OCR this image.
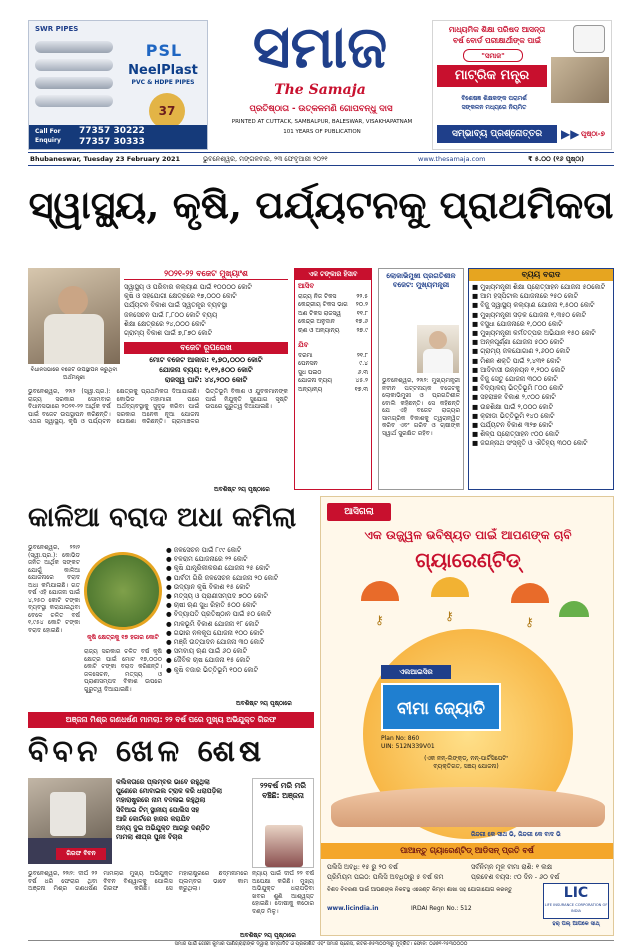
SWR PIPES
PSL
NeelPlast
PVC & HDPE PIPES
37
Call For
Enquiry
77357 30222
77357 30333
ସମାଜ
The Samaja
ପ୍ରତିଷ୍ଠାତା - ଉତ୍କଳମଣି ଗୋପବନ୍ଧୁ ଦାସ
PRINTED AT CUTTACK, SAMBALPUR, BALESWAR, VISAKHAPATNAM
101 YEARS OF PUBLICATION
ମାଧ୍ୟମିକ ଶିକ୍ଷା ପରିଷଦ ଆସନ୍ତା
ବର୍ଷ ବୋର୍ଡ ପରୀକ୍ଷାର୍ଥୀଙ୍କ ପାଇଁ
"ସମାଜ"
ମାଟ୍ରିକ ମନ୍ତ୍ର
ବିଶେଷଜ୍ଞ ଶିକ୍ଷକଙ୍କ ପରାମର୍ଶ
ସଙ୍କଳନ ମଧ୍ୟରେ ନିୟମିତ
ସମ୍ଭାବ୍ୟ ପ୍ରଶ୍ନୋତ୍ତର	▶▶ ପୃଷ୍ଠା-୭
Bhubaneswar, Tuesday 23 February 2021	ଭୁବନେଶ୍ୱର, ମଙ୍ଗଳବାର, ୨୩ ଫେବୃଆରୀ ୨୦୨୧	www.thesamaja.com	₹ ୫.୦୦ (୧୬ ପୃଷ୍ଠା)
ସ୍ୱାସ୍ଥ୍ୟ, କୃଷି, ପର୍ଯ୍ୟଟନକୁ ପ୍ରାଥମିକତା
ବିଧାନସଭାରେ ବଜେଟ ଉପସ୍ଥାପନ କରୁଥିବା ଅର୍ଥମନ୍ତ୍ରୀ
୨୦୨୧-୨୨ ବଜେଟ ମୁଖ୍ୟାଂଶ
ସ୍ୱାସ୍ଥ୍ୟ ଓ ପରିବାର କଲ୍ୟାଣ ପାଇଁ ୧୦୦୦୦ କୋଟି
କୃଷି ଓ ସହଯୋଗୀ କ୍ଷେତ୍ରରେ ୧୭,୦୦୦ କୋଟି
ପର୍ଯ୍ୟଟନ ବିକାଶ ପାଇଁ ସ୍ୱତନ୍ତ୍ର ବ୍ୟବସ୍ଥା
ଜଳସେଚନ ପାଇଁ ୮,୮୦୦ କୋଟି ବ୍ୟୟ
ଶିକ୍ଷା କ୍ଷେତ୍ରରେ ୨୪,୦୦୦ କୋଟି
ଗ୍ରାମ୍ୟ ବିକାଶ ପାଇଁ ୭,୮୭୦ କୋଟି
ବଜେଟ ରୂପରେଖ
ମୋଟ ବଜେଟ ଆକାର: ୧,୭୦,୦୦୦ କୋଟି
ଯୋଜନା ବ୍ୟୟ: ୧,୧୨,୫୦୦ କୋଟି
ରାଜସ୍ୱ ଘାଟି: ୪୪,୨୦୦ କୋଟି
ଭୁବନେଶ୍ୱର, ୨୨ା୨ (ସ୍ୱୀ.ପ୍ର.): ରାଜ୍ୟ ସରକାର ସୋମବାର ବିଧାନସଭାରେ ୨୦୨୧-୨୨ ଆର୍ଥିକ ବର୍ଷ ପାଇଁ ବଜେଟ ଉପସ୍ଥାପନ କରିଛନ୍ତି। ଏଥର ସ୍ୱାସ୍ଥ୍ୟ, କୃଷି ଓ ପର୍ଯ୍ୟଟନ କ୍ଷେତ୍ରକୁ ପ୍ରାଥମିକତା ଦିଆଯାଇଛି। କୋଭିଡ ମହାମାରୀ ପରେ ଅର୍ଥବ୍ୟବସ୍ଥାକୁ ସୁଦୃଢ କରିବା ପାଇଁ ସରକାର ଅନେକ ନୂଆ ଯୋଜନା ଘୋଷଣା କରିଛନ୍ତି। ଗ୍ରାମାଞ୍ଚଳର ଭିତ୍ତିଭୂମି ବିକାଶ ଓ ଯୁବକମାନଙ୍କ ପାଇଁ ନିଯୁକ୍ତି ସୁଯୋଗ ସୃଷ୍ଟି ଉପରେ ଗୁରୁତ୍ୱ ଦିଆଯାଇଛି।
ଅବଶିଷ୍ଟ ୨ୟ ପୃଷ୍ଠାରେ
ଏକ ଟଙ୍କାର ହିସାବ
ଆସିବ
ରାଜ୍ୟ ନିଜ ଟିକସ	୨୨.୫
କେନ୍ଦ୍ରୀୟ ଟିକସ ଭାଗ ୨୦.୨
ଅଣ ଟିକସ ରାଜସ୍ୱ	୧୧.୮
କେନ୍ଦ୍ର ଅନୁଦାନ	୧୭.୬
ଋଣ ଓ ଅନ୍ୟାନ୍ୟ	୨୭.୯
ଯିବ
ଦରମା	୨୧.୮
ପେନସନ	୯.୪
ସୁଧ ପଇଠ	୬.୩
ଯୋଜନା ବ୍ୟୟ	୪୫.୨
ଅନ୍ୟାନ୍ୟ	୧୭.୩
ଲୋକାଭିମୁଖୀ ପ୍ରଗତିଶୀଳ ବଜେଟ: ମୁଖ୍ୟମନ୍ତ୍ରୀ
ଭୁବନେଶ୍ୱର, ୨୨ା୨: ମୁଖ୍ୟମନ୍ତ୍ରୀ ନବୀନ ପଟ୍ଟନାୟକ ବଜେଟକୁ ଲୋକାଭିମୁଖୀ ଓ ପ୍ରଗତିଶୀଳ ବୋଲି କହିଛନ୍ତି। ସେ କହିଛନ୍ତି ଯେ ଏହି ବଜେଟ ରାଜ୍ୟର ସାମଗ୍ରିକ ବିକାଶକୁ ତ୍ୱରାନ୍ୱିତ କରିବ ଏବଂ ଗରିବ ଓ ଚାଷୀଙ୍କ ସ୍ୱାର୍ଥ ସୁରକ୍ଷିତ ରହିବ।
ବ୍ୟୟ ବରାଦ
■ ମୁଖ୍ୟମନ୍ତ୍ରୀ ଶିକ୍ଷା ପ୍ରୋତ୍ସାହନ ଯୋଜନା ୫୦କୋଟି
■ ଆମ ହସ୍ପିଟାଲ ଯୋଜନାରେ ୨୫୦ କୋଟି
■ ବିଜୁ ସ୍ୱାସ୍ଥ୍ୟ କଲ୍ୟାଣ ଯୋଜନା ୧,୫୦୦ କୋଟି
■ ମୁଖ୍ୟମନ୍ତ୍ରୀ ସଡ଼କ ଯୋଜନା ୧,୩୫୦ କୋଟି
■ ବସୁଧା ଯୋଜନାରେ ୧,୦୦୦ କୋଟି
■ ମୁଖ୍ୟମନ୍ତ୍ରୀ କର୍ମତତ୍ପର ଅଭିଯାନ ୧୫୦ କୋଟି
■ ଅନ୍ନପୂର୍ଣ୍ଣା ଯୋଜନା ୫୦୦ କୋଟି
■ ଗ୍ରାମ୍ୟ ଜଳଯୋଗାଣ ୨,୬୦୦ କୋଟି
■ ମିଶନ ଶକ୍ତି ପାଇଁ ୨,୪୩୧ କୋଟି
■ ଆଦିବାସୀ ଉନ୍ନୟନ ୧,୨୦୦ କୋଟି
■ ବିଜୁ ସେତୁ ଯୋଜନା ୩୦୦ କୋଟି
■ ବିଦ୍ୟାଳୟ ଭିତ୍ତିଭୂମି ୮୦୦ କୋଟି
■ ସହରାଞ୍ଚଳ ବିକାଶ ୨,୯୦୦ କୋଟି
■ ଉଚ୍ଚଶିକ୍ଷା ପାଇଁ ୨,୦୦୦ କୋଟି
■ କ୍ରୀଡା ଭିତ୍ତିଭୂମି ୧୪୦ କୋଟି
■ ପର୍ଯ୍ୟଟନ ବିକାଶ ୩୨୭ କୋଟି
■ ଶିଳ୍ପ ପ୍ରୋତ୍ସାହନ ୯୦୦ କୋଟି
■ ଜଗନ୍ନାଥ ସଂସ୍କୃତି ଓ ଐତିହ୍ୟ ୩୦୦ କୋଟି
କାଳିଆ ବରାଦ ଅଧା କମିଲା
ଭୁବନେଶ୍ୱର, ୨୨ା୨ (ସ୍ୱୀ.ପ୍ର.): କୋଭିଡ ଜନିତ ଆର୍ଥିକ ସଙ୍କଟ ଯୋଗୁଁ କାଳିଆ ଯୋଜନାରେ ବରାଦ ଅଧା କମିଯାଇଛି। ଗତ ବର୍ଷ ଏହି ଯୋଜନା ପାଇଁ ୪,୨୫୦ କୋଟି ଟଙ୍କା ବ୍ୟବସ୍ଥା କରାଯାଇଥିବା ବେଳେ ଚଳିତ ବର୍ଷ ୧,୯୫୪ କୋଟି ଟଙ୍କା ବରାଦ ହୋଇଛି।
କୃଷି କ୍ଷେତ୍ରକୁ ୧୭ ହଜାର କୋଟି
ରାଜ୍ୟ ସରକାର ଚଳିତ ବର୍ଷ କୃଷି କ୍ଷେତ୍ର ପାଇଁ ମୋଟ ୧୭,୦୦୦ କୋଟି ଟଙ୍କା ବରାଦ କରିଛନ୍ତି। ଜଳସେଚନ, ମତ୍ସ୍ୟ ଓ ପ୍ରାଣୀସମ୍ପଦ ବିକାଶ ଉପରେ ଗୁରୁତ୍ୱ ଦିଆଯାଇଛି।
● ଜଳସେଚନ ପାଇଁ ୮୯୯ କୋଟି
● ବଳରାମ ଯୋଜନାରେ ୨୨ କୋଟି
● କୃଷି ଯାନ୍ତ୍ରିକୀକରଣ ଯୋଜନା ୨୫ କୋଟି
● ପାର୍ବତୀ ଗିରି ଜଳସେଚନ ଯୋଜନା ୨୦ କୋଟି
● ଉଦ୍ୟାନ କୃଷି ବିକାଶ ୧୫ କୋଟି
● ମତ୍ସ୍ୟ ଓ ପ୍ରାଣୀସମ୍ପଦ ୭୦୦ କୋଟି
● ଚାଷୀ ଋଣ ସୁଧ ରିହାତି ୫୦୦ କୋଟି
● ବିଦ୍ୟାପତି ପ୍ରତିଷ୍ଠାନ ପାଇଁ ୫୦ କୋଟି
● ମାଳଭୂମି ବିକାଶ ଯୋଜନା ୧୮ କୋଟି
● ଗଭୀର ନଳକୂପ ଯୋଜନା ୧୦୦ କୋଟି
● ମଞ୍ଜି ଉତ୍ପାଦନ ଯୋଜନା ୩୦ କୋଟି
● ସମବାୟ ଋଣ ପାଇଁ ୬୦ କୋଟି
● ଜୈବିକ ଚାଷ ଯୋଜନା ୧୫ କୋଟି
● କୃଷି ବଜାର ଭିତ୍ତିଭୂମି ୧୦୦ କୋଟି
ଅବଶିଷ୍ଟ ୨ୟ ପୃଷ୍ଠାରେ
ଅଞ୍ଜନା ମିଶ୍ର ଗଣଧର୍ଷଣ ମାମଲା: ୨୨ ବର୍ଷ ପରେ ମୁଖ୍ୟ ଅଭିଯୁକ୍ତ ଗିରଫ
ବିବନ ଖେଳ ଶେଷ
ଗିରଫ ବିବନ
କଲିକତାରେ ପ୍ଲମ୍ବର ଭାବେ ରହୁଥିଲା
ପୁଣେରେ ମୋବାଇଲ ଟ୍ରାକ କରି ଧରାପଡ଼ିଲା
ମହାରାଷ୍ଟ୍ରରେ ନାମ ବଦଳାଇ ରହୁଥିଲା
ସିବିଆଇ ଟିମ୍ ସ୍ଥାନୀୟ ପୋଲିସ ସହ
ଆଜି କୋର୍ଟରେ ହାଜର କରାଯିବ
ଅନ୍ୟ ଦୁଇ ଅଭିଯୁକ୍ତ ଆଗରୁ ଦଣ୍ଡିତ
ମାମଲା ଶୀଘ୍ର ପୁନଃ ବିଚାର
୨୨ବର୍ଷ ମରି ମରି ବଞ୍ଚିଛି: ଅଞ୍ଜନା
ଭୁବନେଶ୍ୱର, ୨୨ା୨: ଦୀର୍ଘ ୨୨ ବର୍ଷ ଧରି ଫେରାର ଥିବା ଅଞ୍ଜନା ମିଶ୍ର ଗଣଧର୍ଷଣ ମାମଲାର ମୁଖ୍ୟ ଅଭିଯୁକ୍ତ ବିବନ ବିଶ୍ୱାଳକୁ ପୋଲିସ ଗିରଫ କରିଛି। ସେ ମହାରାଷ୍ଟ୍ରରେ ଛଦ୍ମନାମରେ ପ୍ଲମ୍ବର ଭାବେ କାମ କରୁଥିଲା।
ନ୍ୟାୟ ପାଇଁ ଦୀର୍ଘ ୨୨ ବର୍ଷ ଅପେକ୍ଷା କରିଛି। ମୁଖ୍ୟ ଅଭିଯୁକ୍ତ ଧରାପଡ଼ିବା ଖବର ଶୁଣି ଆଶ୍ୱସ୍ତ ହୋଇଛି। ଦୋଷୀକୁ କଠୋର ଦଣ୍ଡ ମିଳୁ।
ଅବଶିଷ୍ଟ ୨ୟ ପୃଷ୍ଠାରେ
ଆସିଗଲା
ଏକ ଉଜ୍ଜ୍ୱଳ ଭବିଷ୍ୟତ ପାଇଁ ଆପଣଙ୍କ ଚାବି
ଗ୍ୟାରେଣ୍ଟିଡ୍
⚷	⚷	⚷
ଏଲଆଇସିର
ବୀମା ଜ୍ୟୋତି
Plan No: 860
UIN: 512N339V01
(ଏକ ନନ୍‌-ଲିଙ୍କ୍‌ଡ୍, ନନ୍‌-ପାର୍ଟିସିପେଟିଂ
ବ୍ୟକ୍ତିଗତ, ସଞ୍ଚୟ ଯୋଜନା)
ଜିନ୍ଦଗୀ କେ ସାଥ ଭି, ଜିନ୍ଦଗୀ କେ ବାଦ ଭି
ପାଆନ୍ତୁ ଗ୍ୟାରେଣ୍ଟିଡ୍ ଆଡିସନ୍ ପ୍ରତି ବର୍ଷ
ପଲିସି ଅବଧି: ୧୫ ରୁ ୨୦ ବର୍ଷ	ସର୍ବନିମ୍ନ ମୂଳ ବୀମା ରାଶି: ୧ ଲକ୍ଷ
ପ୍ରିମିୟମ ପଇଠ: ପଲିସି ଅବଧିଠାରୁ ୫ ବର୍ଷ କମ	ପ୍ରବେଶ ବୟସ: ୯୦ ଦିନ - ୬୦ ବର୍ଷ
ବିଶଦ ବିବରଣୀ ପାଇଁ ଆପଣଙ୍କ ନିକଟସ୍ଥ ଏଜେଣ୍ଟ କିମ୍ବା ଶାଖା ସହ ଯୋଗାଯୋଗ କରନ୍ତୁ
www.licindia.in	IRDAI Regn No.: 512
LIC
LIFE INSURANCE CORPORATION OF INDIA
ହର୍ ପଲ୍ ଆପକେ ସାଥ୍
ସମାଜ ପାଇଁ ଗୌରୀ କୁମାର ପାଣିଗ୍ରାହୀଙ୍କ ଦ୍ୱାରା ସମ୍ପାଦିତ ଓ ପ୍ରକାଶିତ ଏବଂ ସମାଜ ପ୍ରେସ, କଟକ-୭୫୩୦୦୩ରୁ ମୁଦ୍ରିତ। ଫୋନ: ୦୬୭୧-୨୫୩୦୦୦୦
